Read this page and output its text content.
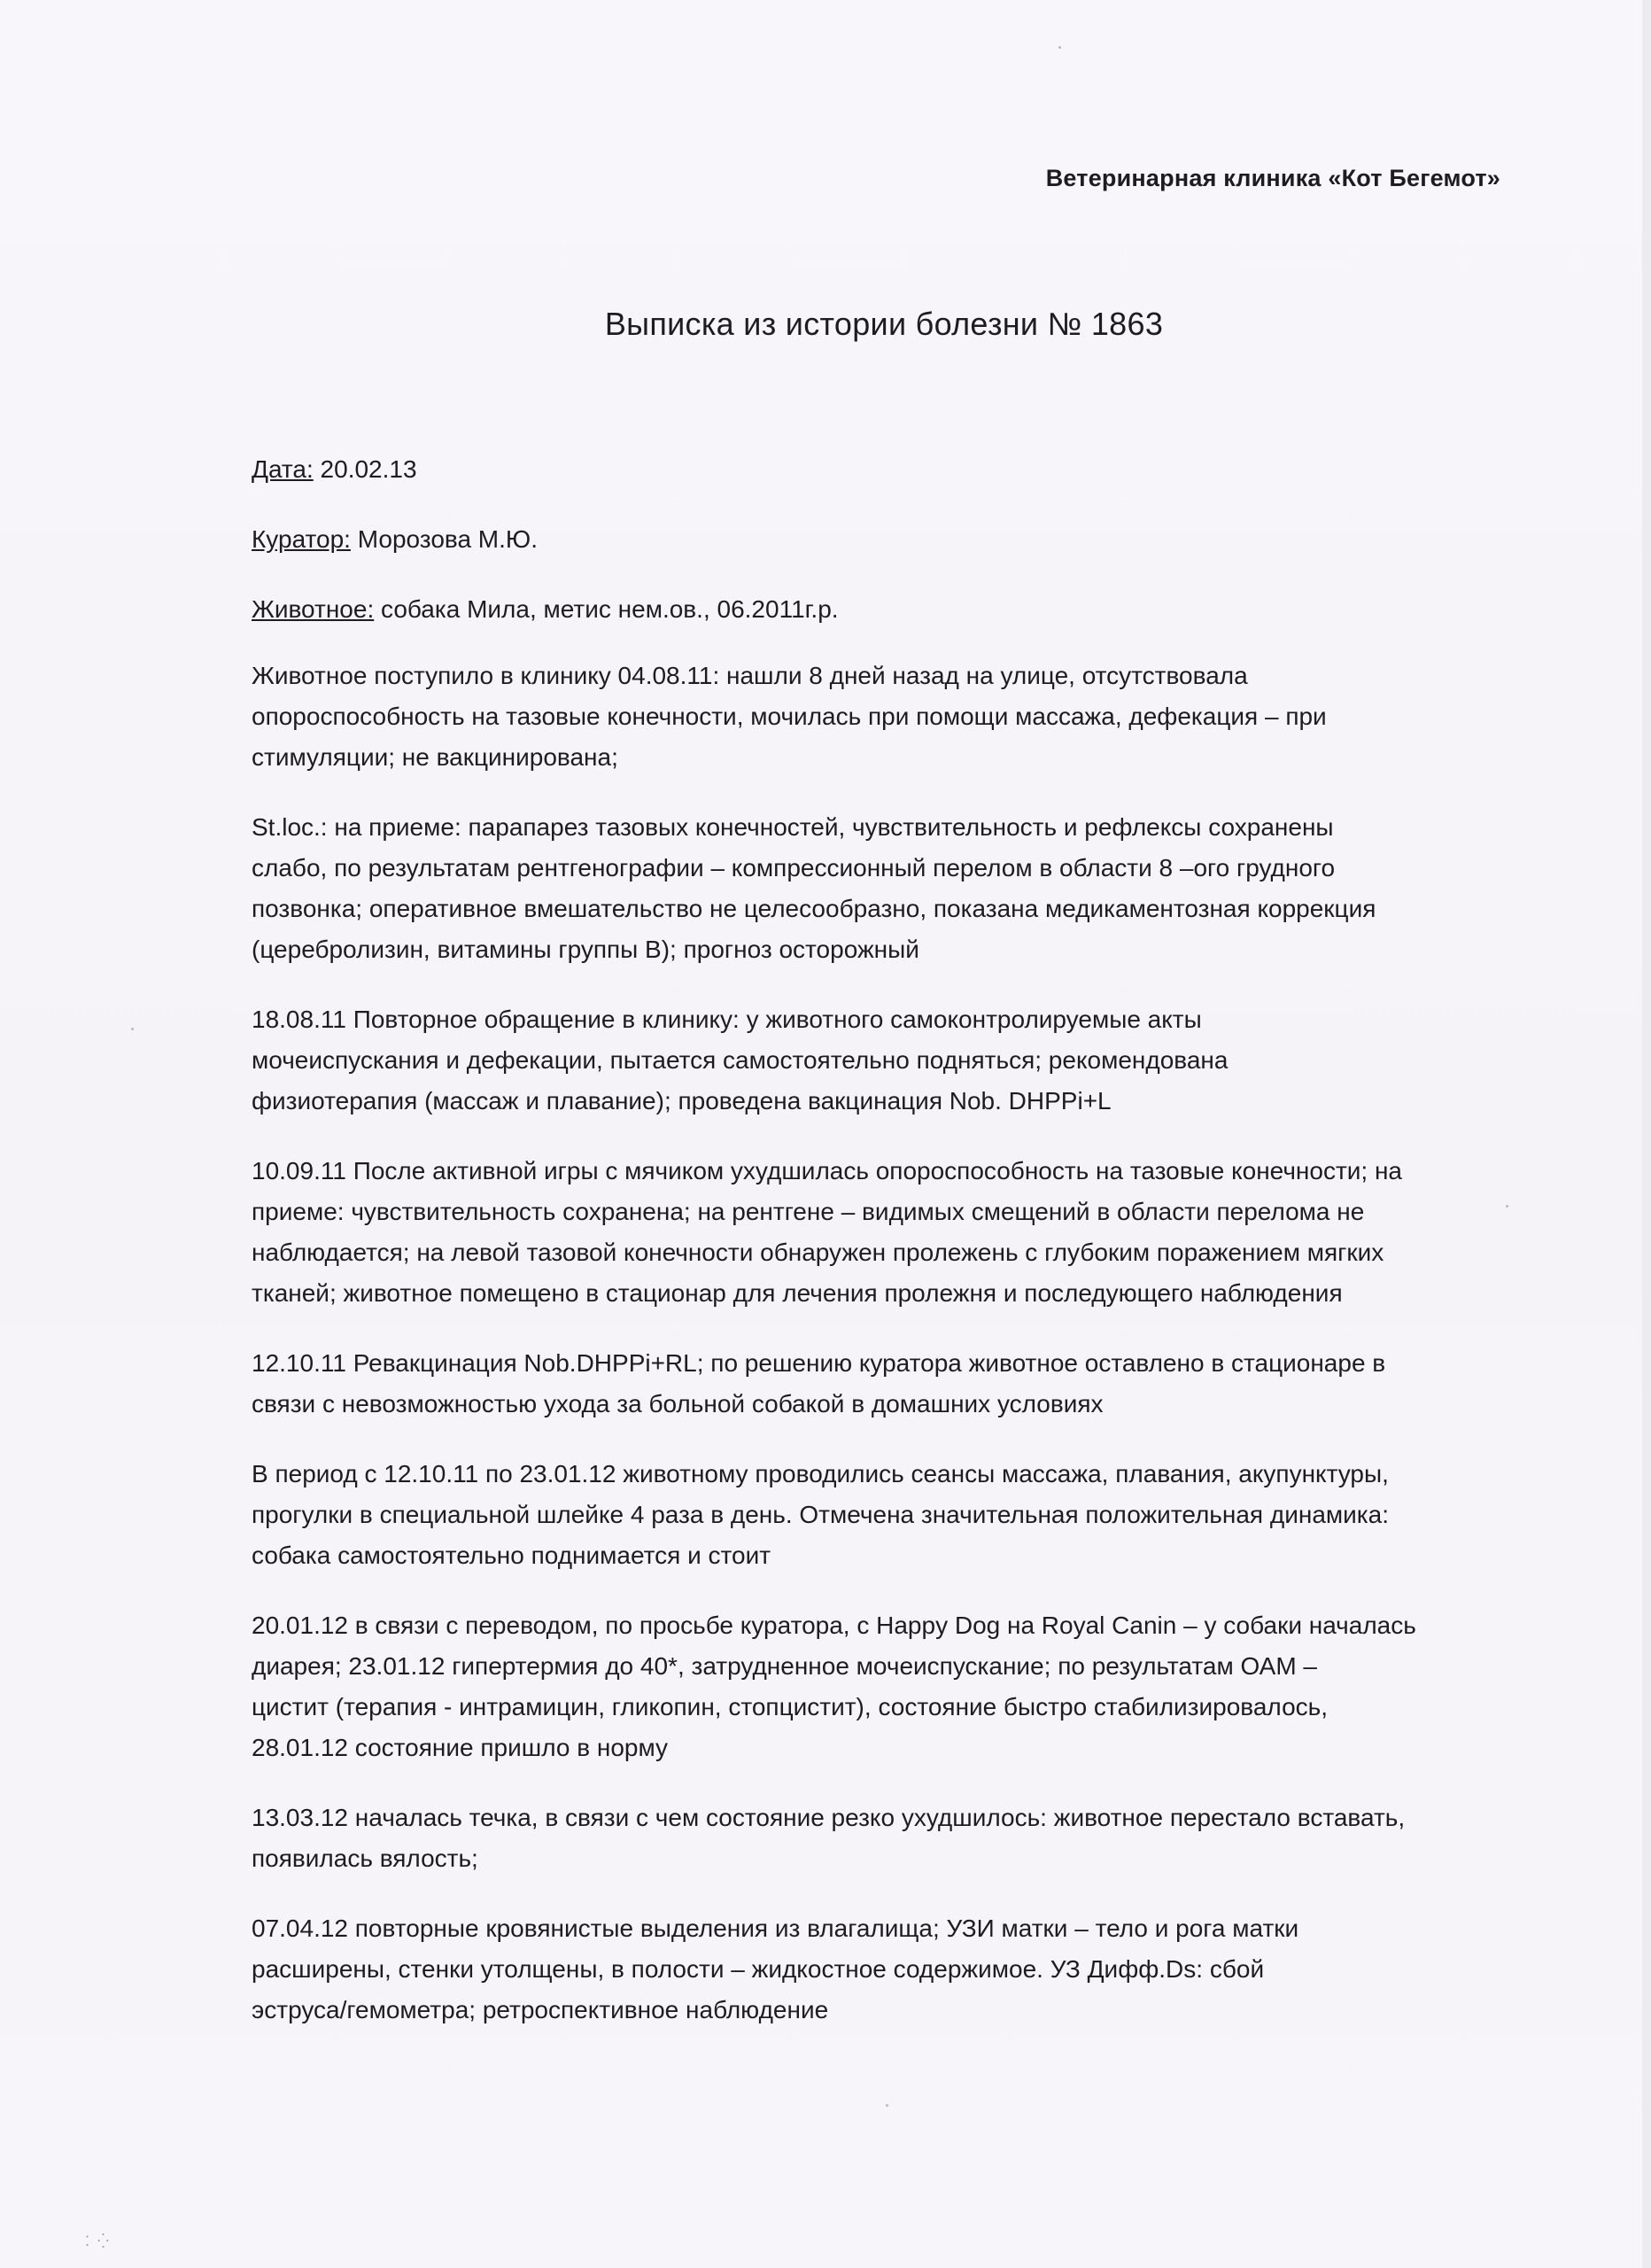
Ветеринарная клиника «Кот Бегемот»
Выписка из истории болезни № 1863
Дата: 20.02.13
Куратор: Морозова М.Ю.
Животное: собака Мила, метис нем.ов., 06.2011г.р.
Животное поступило в клинику 04.08.11: нашли 8 дней назад на улице, отсутствовала
опороспособность на тазовые конечности, мочилась при помощи массажа, дефекация – при
стимуляции; не вакцинирована;
St.loc.: на приеме: парапарез тазовых конечностей, чувствительность и рефлексы сохранены
слабо, по результатам рентгенографии – компрессионный перелом в области 8 –ого грудного
позвонка; оперативное вмешательство не целесообразно, показана медикаментозная коррекция
(церебролизин, витамины группы В); прогноз осторожный
18.08.11 Повторное обращение в клинику: у животного самоконтролируемые акты
мочеиспускания и дефекации, пытается самостоятельно подняться; рекомендована
физиотерапия (массаж и плавание); проведена вакцинация Nob. DHPPi+L
10.09.11 После активной игры с мячиком ухудшилась опороспособность на тазовые конечности; на
приеме: чувствительность сохранена; на рентгене – видимых смещений в области перелома не
наблюдается; на левой тазовой конечности обнаружен пролежень с глубоким поражением мягких
тканей; животное помещено в стационар для лечения пролежня и последующего наблюдения
12.10.11 Ревакцинация Nob.DHPPi+RL; по решению куратора животное оставлено в стационаре в
связи с невозможностью ухода за больной собакой в домашних условиях
В период с 12.10.11 по 23.01.12 животному проводились сеансы массажа, плавания, акупунктуры,
прогулки в специальной шлейке 4 раза в день. Отмечена значительная положительная динамика:
собака самостоятельно поднимается и стоит
20.01.12 в связи с переводом, по просьбе куратора, с Happy Dog на Royal Canin – у собаки началась
диарея; 23.01.12 гипертермия до 40*, затрудненное мочеиспускание; по результатам ОАМ –
цистит (терапия - интрамицин, гликопин, стопцистит), состояние быстро стабилизировалось,
28.01.12 состояние пришло в норму
13.03.12 началась течка, в связи с чем состояние резко ухудшилось: животное перестало вставать,
появилась вялость;
07.04.12 повторные кровянистые выделения из влагалища; УЗИ матки – тело и рога матки
расширены, стенки утолщены, в полости – жидкостное содержимое. УЗ Дифф.Ds: сбой
эструса/гемометра; ретроспективное наблюдение
⁚ ⁛
